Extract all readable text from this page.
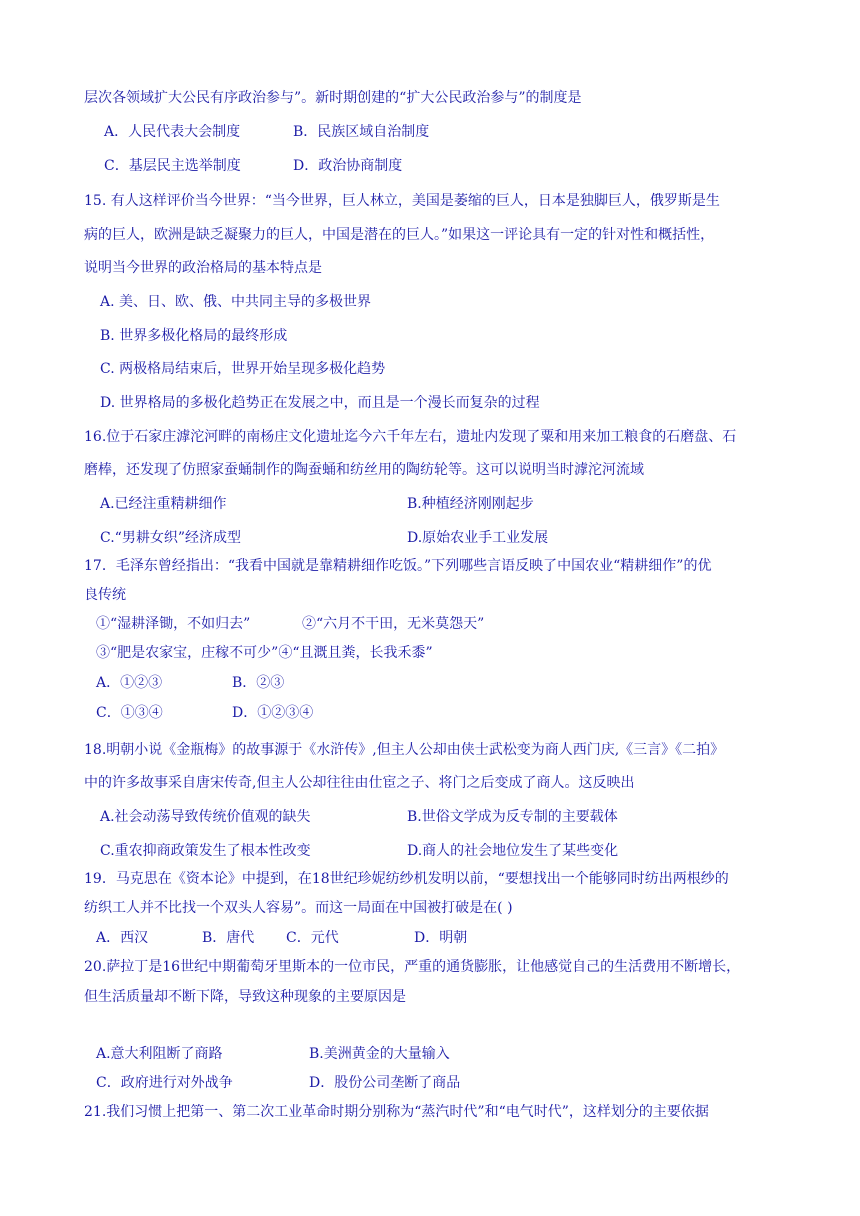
层次各领域扩大公民有序政治参与”。新时期创建的“扩大公民政治参与”的制度是
A．人民代表大会制度	B．民族区域自治制度
C．基层民主选举制度	D．政治协商制度
15. 有人这样评价当今世界：“当今世界，巨人林立，美国是萎缩的巨人，日本是独脚巨人，俄罗斯是生
病的巨人，欧洲是缺乏凝聚力的巨人，中国是潜在的巨人。”如果这一评论具有一定的针对性和概括性，
说明当今世界的政治格局的基本特点是
A. 美、日、欧、俄、中共同主导的多极世界
B. 世界多极化格局的最终形成
C. 两极格局结束后，世界开始呈现多极化趋势
D. 世界格局的多极化趋势正在发展之中，而且是一个漫长而复杂的过程
16.位于石家庄滹沱河畔的南杨庄文化遗址迄今六千年左右，遗址内发现了粟和用来加工粮食的石磨盘、石
磨棒，还发现了仿照家蚕蛹制作的陶蚕蛹和纺丝用的陶纺轮等。这可以说明当时滹沱河流域
A.已经注重精耕细作	B.种植经济刚刚起步
C.“男耕女织”经济成型	D.原始农业手工业发展
17．毛泽东曾经指出：“我看中国就是靠精耕细作吃饭。”下列哪些言语反映了中国农业“精耕细作”的优
良传统
①“湿耕泽锄，不如归去”	②“六月不干田，无米莫怨天”
③“肥是农家宝，庄稼不可少”④“且溉且粪，长我禾黍”
A．①②③	B．②③
C．①③④	D．①②③④
18.明朝小说《金瓶梅》的故事源于《水浒传》,但主人公却由侠士武松变为商人西门庆,《三言》《二拍》
中的许多故事采自唐宋传奇,但主人公却往往由仕宦之子、将门之后变成了商人。这反映出
A.社会动荡导致传统价值观的缺失	B.世俗文学成为反专制的主要载体
C.重农抑商政策发生了根本性改变	D.商人的社会地位发生了某些变化
19．马克思在《资本论》中提到，在18世纪珍妮纺纱机发明以前，“要想找出一个能够同时纺出两根纱的
纺织工人并不比找一个双头人容易”。而这一局面在中国被打破是在( )
A．西汉	B．唐代 C．元代	D．明朝
20.萨拉丁是16世纪中期葡萄牙里斯本的一位市民，严重的通货膨胀，让他感觉自己的生活费用不断增长，
但生活质量却不断下降，导致这种现象的主要原因是
A.意大利阻断了商路	B.美洲黄金的大量输入
C．政府进行对外战争	D．股份公司垄断了商品
21.我们习惯上把第一、第二次工业革命时期分别称为“蒸汽时代”和“电气时代”，这样划分的主要依据
